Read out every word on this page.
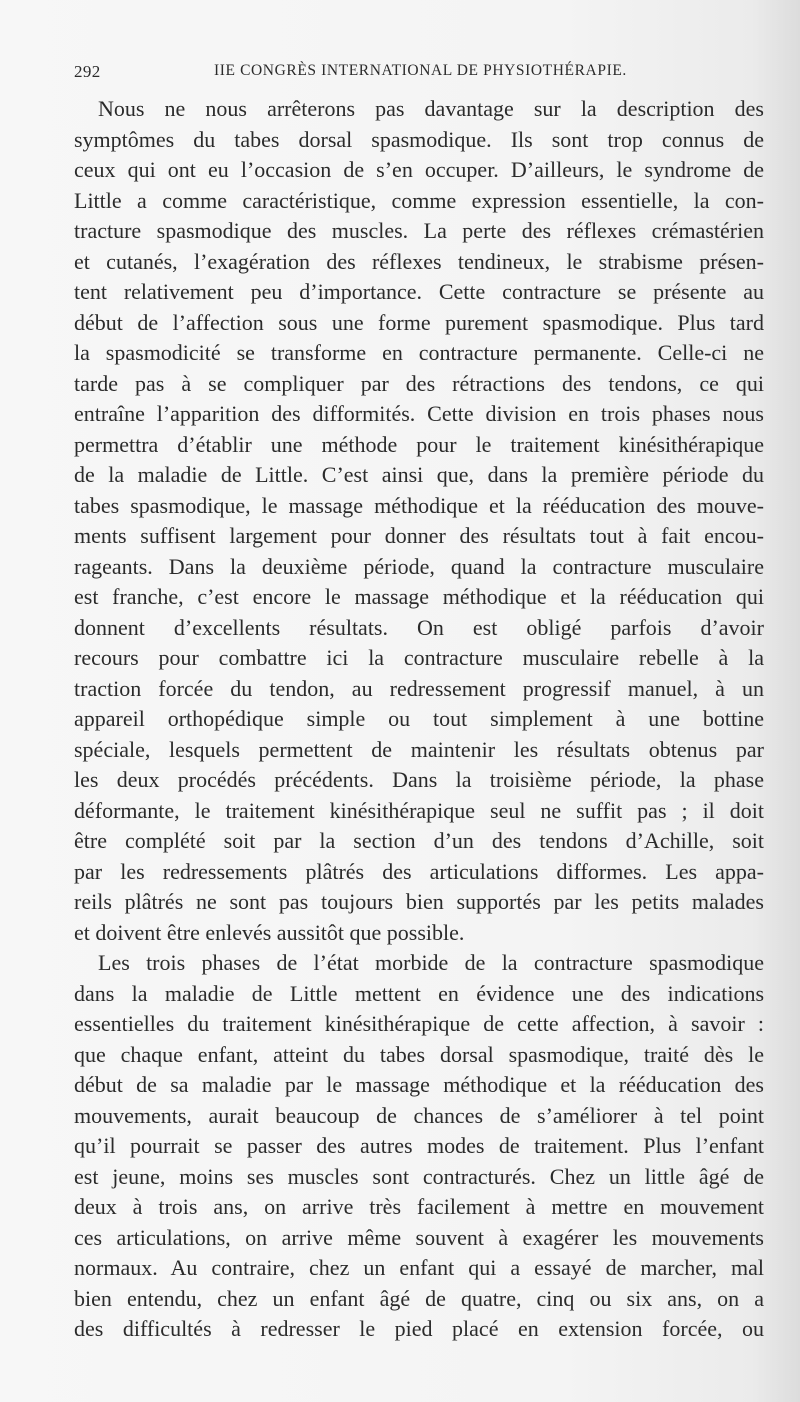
292	IIE CONGRÈS INTERNATIONAL DE PHYSIOTHÉRAPIE.

Nous ne nous arrêterons pas davantage sur la description des
symptômes du tabes dorsal spasmodique. Ils sont trop connus de
ceux qui ont eu l’occasion de s’en occuper. D’ailleurs, le syndrome de
Little a comme caractéristique, comme expression essentielle, la con-
tracture spasmodique des muscles. La perte des réflexes crémastérien
et cutanés, l’exagération des réflexes tendineux, le strabisme présen-
tent relativement peu d’importance. Cette contracture se présente au
début de l’affection sous une forme purement spasmodique. Plus tard
la spasmodicité se transforme en contracture permanente. Celle-ci ne
tarde pas à se compliquer par des rétractions des tendons, ce qui
entraîne l’apparition des difformités. Cette division en trois phases nous
permettra d’établir une méthode pour le traitement kinésithérapique
de la maladie de Little. C’est ainsi que, dans la première période du
tabes spasmodique, le massage méthodique et la rééducation des mouve-
ments suffisent largement pour donner des résultats tout à fait encou-
rageants. Dans la deuxième période, quand la contracture musculaire
est franche, c’est encore le massage méthodique et la rééducation qui
donnent d’excellents résultats. On est obligé parfois d’avoir
recours pour combattre ici la contracture musculaire rebelle à la
traction forcée du tendon, au redressement progressif manuel, à un
appareil orthopédique simple ou tout simplement à une bottine
spéciale, lesquels permettent de maintenir les résultats obtenus par
les deux procédés précédents. Dans la troisième période, la phase
déformante, le traitement kinésithérapique seul ne suffit pas ; il doit
être complété soit par la section d’un des tendons d’Achille, soit
par les redressements plâtrés des articulations difformes. Les appa-
reils plâtrés ne sont pas toujours bien supportés par les petits malades
et doivent être enlevés aussitôt que possible.

Les trois phases de l’état morbide de la contracture spasmodique
dans la maladie de Little mettent en évidence une des indications
essentielles du traitement kinésithérapique de cette affection, à savoir :
que chaque enfant, atteint du tabes dorsal spasmodique, traité dès le
début de sa maladie par le massage méthodique et la rééducation des
mouvements, aurait beaucoup de chances de s’améliorer à tel point
qu’il pourrait se passer des autres modes de traitement. Plus l’enfant
est jeune, moins ses muscles sont contracturés. Chez un little âgé de
deux à trois ans, on arrive très facilement à mettre en mouvement
ces articulations, on arrive même souvent à exagérer les mouvements
normaux. Au contraire, chez un enfant qui a essayé de marcher, mal
bien entendu, chez un enfant âgé de quatre, cinq ou six ans, on a
des difficultés à redresser le pied placé en extension forcée, ou
